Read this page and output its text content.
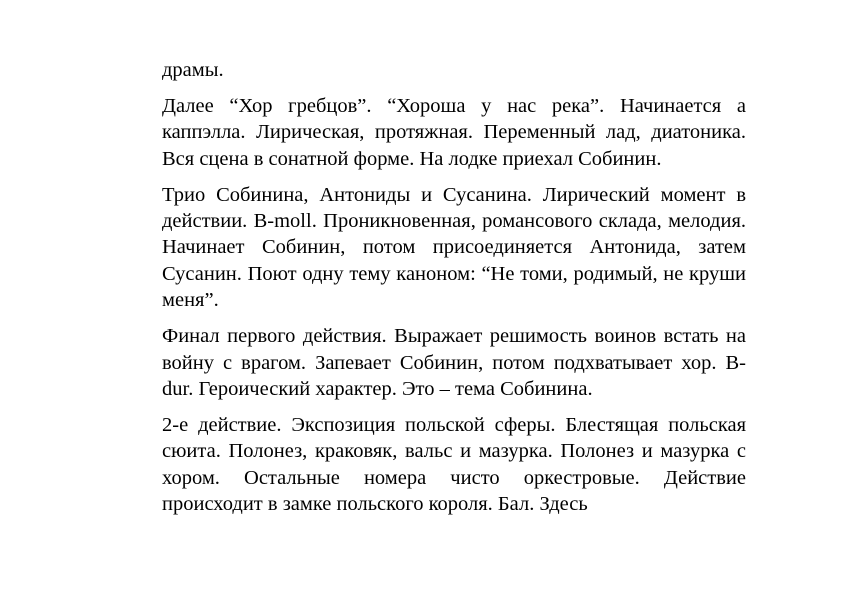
драмы.

Далее “Хор гребцов”. “Хороша у нас река”. Начинается а каппэлла. Лирическая, протяжная. Переменный лад, диатоника. Вся сцена в сонатной форме. На лодке приехал Собинин.

Трио Собинина, Антониды и Сусанина. Лирический момент в действии. B-moll. Проникновенная, романсового склада, мелодия. Начинает Собинин, потом присоединяется Антонида, затем Сусанин. Поют одну тему каноном: “Не томи, родимый, не круши меня”.

Финал первого действия. Выражает решимость воинов встать на войну с врагом. Запевает Собинин, потом подхватывает хор. B-dur. Героический характер. Это – тема Собинина.

2-е действие. Экспозиция польской сферы. Блестящая польская сюита. Полонез, краковяк, вальс и мазурка. Полонез и мазурка с хором. Остальные номера чисто оркестровые. Действие происходит в замке польского короля. Бал. Здесь
